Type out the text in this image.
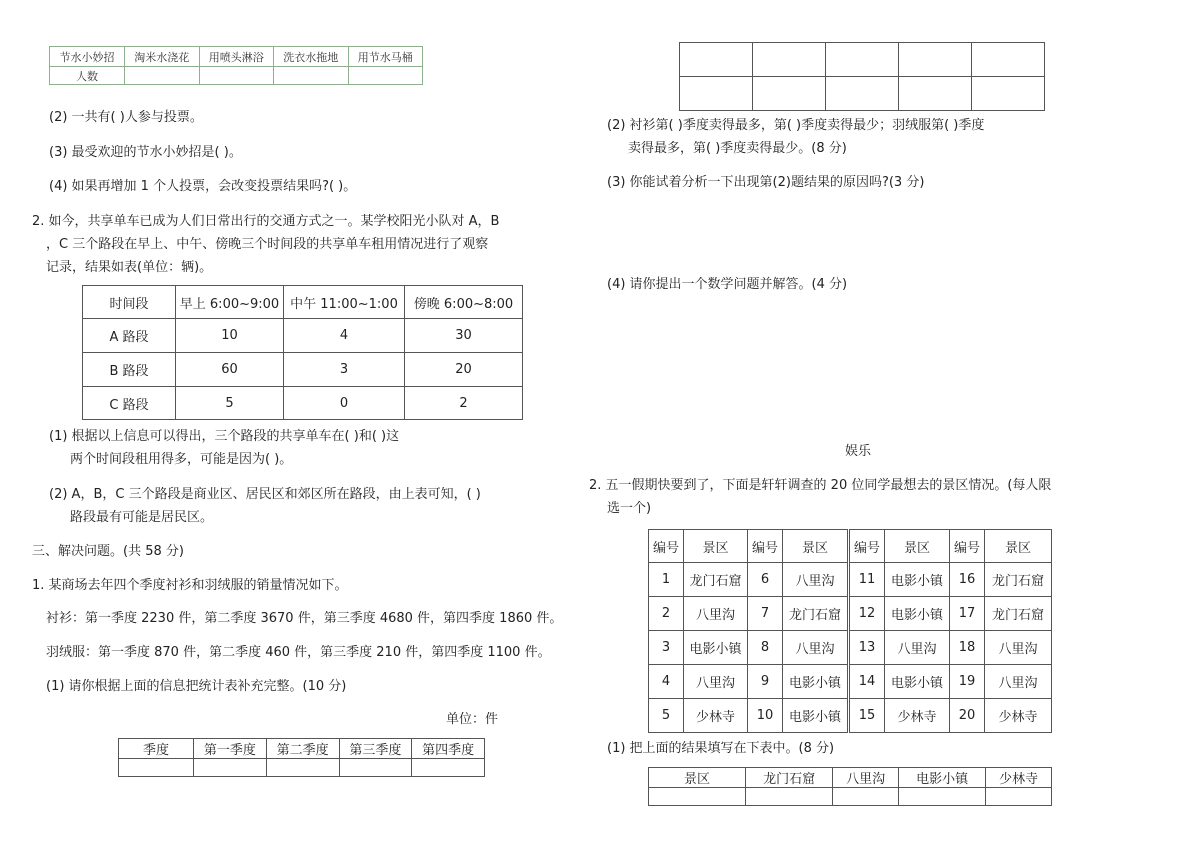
节水小妙招	淘米水浇花	用喷头淋浴	洗衣水拖地	用节水马桶
人数				
(2) 一共有( )人参与投票。
(3) 最受欢迎的节水小妙招是( )。
(4) 如果再增加 1 个人投票，会改变投票结果吗?( )。
2. 如今，共享单车已成为人们日常出行的交通方式之一。某学校阳光小队对 A，B
，C 三个路段在早上、中午、傍晚三个时间段的共享单车租用情况进行了观察
记录，结果如表(单位：辆)。
时间段	早上 6:00~9:00	中午 11:00~1:00	傍晚 6:00~8:00
A 路段	10	4	30
B 路段	60	3	20
C 路段	5	0	2
(1) 根据以上信息可以得出，三个路段的共享单车在( )和( )这
两个时间段租用得多，可能是因为( )。
(2) A，B，C 三个路段是商业区、居民区和郊区所在路段，由上表可知，( )
路段最有可能是居民区。
三、解决问题。(共 58 分)
1. 某商场去年四个季度衬衫和羽绒服的销量情况如下。
衬衫：第一季度 2230 件，第二季度 3670 件，第三季度 4680 件，第四季度 1860 件。
羽绒服：第一季度 870 件，第二季度 460 件，第三季度 210 件，第四季度 1100 件。
(1) 请你根据上面的信息把统计表补充完整。(10 分)
单位：件
季度	第一季度	第二季度	第三季度	第四季度

(2) 衬衫第( )季度卖得最多，第( )季度卖得最少；羽绒服第( )季度
卖得最多，第( )季度卖得最少。(8 分)
(3) 你能试着分析一下出现第(2)题结果的原因吗?(3 分)
(4) 请你提出一个数学问题并解答。(4 分)
娱乐
2. 五一假期快要到了，下面是轩轩调查的 20 位同学最想去的景区情况。(每人限
选一个)
编号	景区	编号	景区	编号	景区	编号	景区
1	龙门石窟	6	八里沟	11	电影小镇	16	龙门石窟
2	八里沟	7	龙门石窟	12	电影小镇	17	龙门石窟
3	电影小镇	8	八里沟	13	八里沟	18	八里沟
4	八里沟	9	电影小镇	14	电影小镇	19	八里沟
5	少林寺	10	电影小镇	15	少林寺	20	少林寺
(1) 把上面的结果填写在下表中。(8 分)
景区	龙门石窟	八里沟	电影小镇	少林寺
